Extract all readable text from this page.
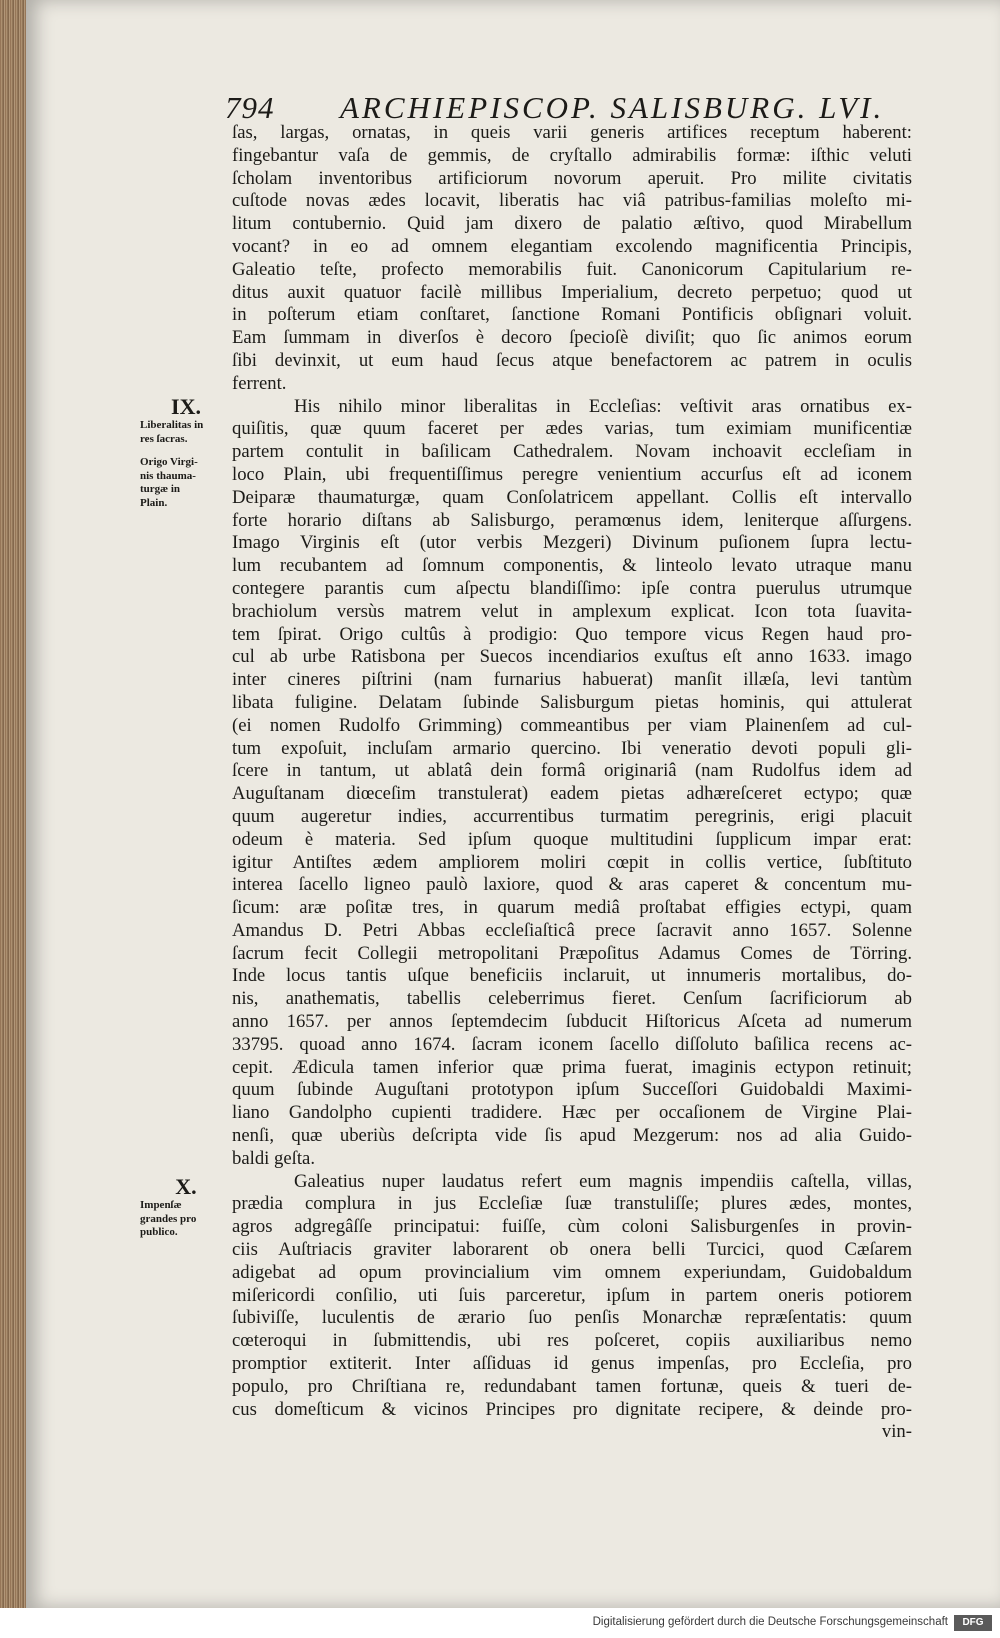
794 ARCHIEPISCOP. SALISBURG. LVI.
ſas, largas, ornatas, in queis varii generis artifices receptum haberent:
fingebantur vaſa de gemmis, de cryſtallo admirabilis formæ: iſthic veluti
ſcholam inventoribus artificiorum novorum aperuit. Pro milite civitatis
cuſtode novas ædes locavit, liberatis hac viâ patribus-familias moleſto mi-
litum contubernio. Quid jam dixero de palatio æſtivo, quod Mirabellum
vocant? in eo ad omnem elegantiam excolendo magnificentia Principis,
Galeatio teſte, profecto memorabilis fuit. Canonicorum Capitularium re-
ditus auxit quatuor facilè millibus Imperialium, decreto perpetuo; quod ut
in poſterum etiam conſtaret, ſanctione Romani Pontificis obſignari voluit.
Eam ſummam in diverſos è decoro ſpecioſè diviſit; quo ſic animos eorum
ſibi devinxit, ut eum haud ſecus atque benefactorem ac patrem in oculis
ferrent.
His nihilo minor liberalitas in Eccleſias: veſtivit aras ornatibus ex-
quiſitis, quæ quum faceret per ædes varias, tum eximiam munificentiæ
partem contulit in baſilicam Cathedralem. Novam inchoavit eccleſiam in
loco Plain, ubi frequentiſſimus peregre venientium accurſus eſt ad iconem
Deiparæ thaumaturgæ, quam Conſolatricem appellant. Collis eſt intervallo
forte horario diſtans ab Salisburgo, peramœnus idem, leniterque aſſurgens.
Imago Virginis eſt (utor verbis Mezgeri) Divinum puſionem ſupra lectu-
lum recubantem ad ſomnum componentis, & linteolo levato utraque manu
contegere parantis cum aſpectu blandiſſimo: ipſe contra puerulus utrumque
brachiolum versùs matrem velut in amplexum explicat. Icon tota ſuavita-
tem ſpirat. Origo cultûs à prodigio: Quo tempore vicus Regen haud pro-
cul ab urbe Ratisbona per Suecos incendiarios exuſtus eſt anno 1633. imago
inter cineres piſtrini (nam furnarius habuerat) manſit illæſa, levi tantùm
libata fuligine. Delatam ſubinde Salisburgum pietas hominis, qui attulerat
(ei nomen Rudolfo Grimming) commeantibus per viam Plainenſem ad cul-
tum expoſuit, incluſam armario quercino. Ibi veneratio devoti populi gli-
ſcere in tantum, ut ablatâ dein formâ originariâ (nam Rudolfus idem ad
Auguſtanam diœceſim transtulerat) eadem pietas adhæreſceret ectypo; quæ
quum augeretur indies, accurrentibus turmatim peregrinis, erigi placuit
odeum è materia. Sed ipſum quoque multitudini ſupplicum impar erat:
igitur Antiſtes ædem ampliorem moliri cœpit in collis vertice, ſubſtituto
interea ſacello ligneo paulò laxiore, quod & aras caperet & concentum mu-
ſicum: aræ poſitæ tres, in quarum mediâ proſtabat effigies ectypi, quam
Amandus D. Petri Abbas eccleſiaſticâ prece ſacravit anno 1657. Solenne
ſacrum fecit Collegii metropolitani Præpoſitus Adamus Comes de Törring.
Inde locus tantis uſque beneficiis inclaruit, ut innumeris mortalibus, do-
nis, anathematis, tabellis celeberrimus fieret. Cenſum ſacrificiorum ab
anno 1657. per annos ſeptemdecim ſubducit Hiſtoricus Aſceta ad numerum
33795. quoad anno 1674. ſacram iconem ſacello diſſoluto baſilica recens ac-
cepit. Ædicula tamen inferior quæ prima fuerat, imaginis ectypon retinuit;
quum ſubinde Auguſtani prototypon ipſum Succeſſori Guidobaldi Maximi-
liano Gandolpho cupienti tradidere. Hæc per occaſionem de Virgine Plai-
nenſi, quæ uberiùs deſcripta vide ſis apud Mezgerum: nos ad alia Guido-
baldi geſta.
Galeatius nuper laudatus refert eum magnis impendiis caſtella, villas,
prædia complura in jus Eccleſiæ ſuæ transtuliſſe; plures ædes, montes,
agros adgregâſſe principatui: fuiſſe, cùm coloni Salisburgenſes in provin-
ciis Auſtriacis graviter laborarent ob onera belli Turcici, quod Cæſarem
adigebat ad opum provincialium vim omnem experiundam, Guidobaldum
miſericordi conſilio, uti ſuis parceretur, ipſum in partem oneris potiorem
ſubiviſſe, luculentis de ærario ſuo penſis Monarchæ repræſentatis: quum
cœteroqui in ſubmittendis, ubi res poſceret, copiis auxiliaribus nemo
promptior extiterit. Inter aſſiduas id genus impenſas, pro Eccleſia, pro
populo, pro Chriſtiana re, redundabant tamen fortunæ, queis & tueri de-
cus domeſticum & vicinos Principes pro dignitate recipere, & deinde pro-
vin-
IX.
Liberalitas in
res ſacras.
Origo Virgi-
nis thauma-
turgæ in
Plain.
X.
Impenſæ
grandes pro
publico.
Digitalisierung gefördert durch die Deutsche Forschungsgemeinschaft	DFG
